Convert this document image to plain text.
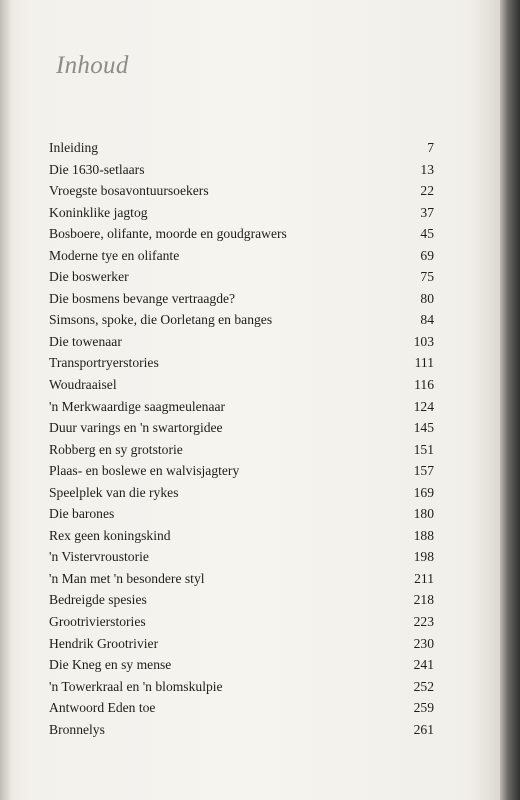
Inhoud
Inleiding	7
Die 1630-setlaars	13
Vroegste bosavontuursoekers	22
Koninklike jagtog	37
Bosboere, olifante, moorde en goudgrawers	45
Moderne tye en olifante	69
Die boswerker	75
Die bosmens bevange vertraagde?	80
Simsons, spoke, die Oorletang en banges	84
Die towenaar	103
Transportryerstories	111
Woudraaisel	116
'n Merkwaardige saagmeulenaar	124
Duur varings en 'n swartorgidee	145
Robberg en sy grotstorie	151
Plaas- en boslewe en walvisjagtery	157
Speelplek van die rykes	169
Die barones	180
Rex geen koningskind	188
'n Vistervroustorie	198
'n Man met 'n besondere styl	211
Bedreigde spesies	218
Grootrivierstories	223
Hendrik Grootrivier	230
Die Kneg en sy mense	241
'n Towerkraal en 'n blomskulpie	252
Antwoord Eden toe	259
Bronnelys	261
